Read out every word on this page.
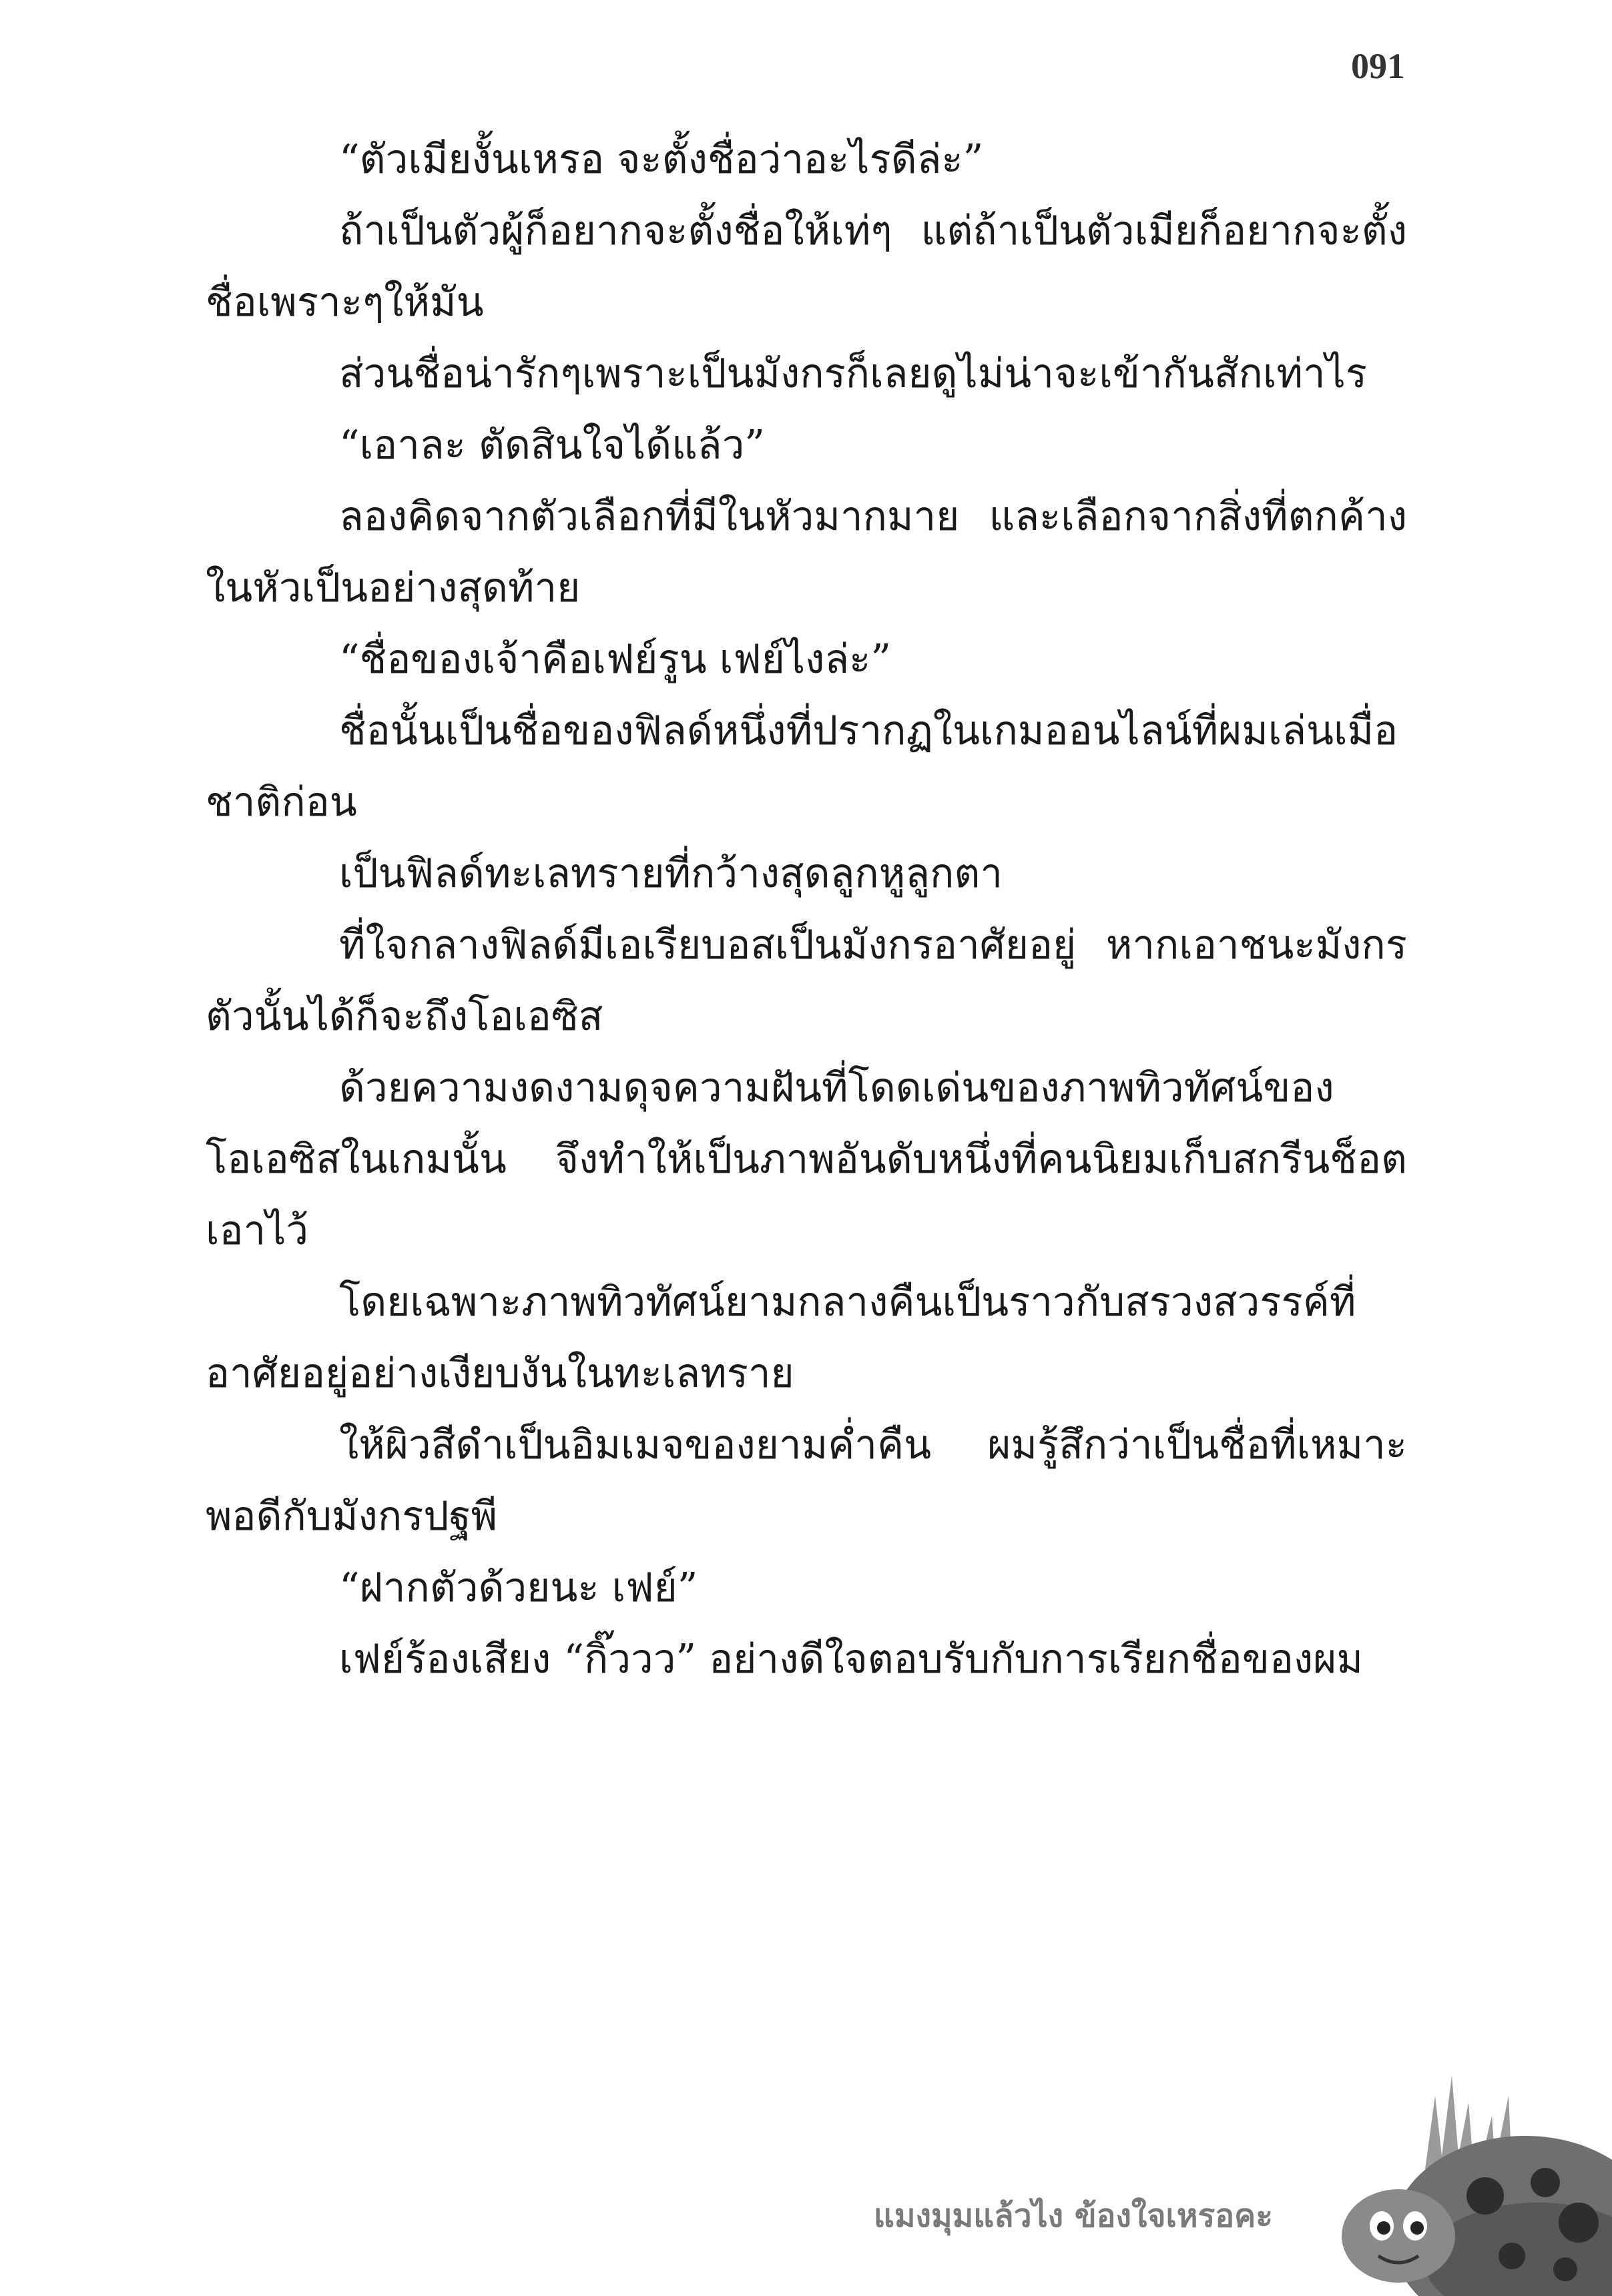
091

“ตัวเมียงั้นเหรอ จะตั้งชื่อว่าอะไรดีล่ะ”

ถ้าเป็นตัวผู้ก็อยากจะตั้งชื่อให้เท่ๆ แต่ถ้าเป็นตัวเมียก็อยากจะตั้งชื่อเพราะๆให้มัน

ส่วนชื่อน่ารักๆเพราะเป็นมังกรก็เลยดูไม่น่าจะเข้ากันสักเท่าไร

“เอาละ ตัดสินใจได้แล้ว”

ลองคิดจากตัวเลือกที่มีในหัวมากมาย และเลือกจากสิ่งที่ตกค้างในหัวเป็นอย่างสุดท้าย

“ชื่อของเจ้าคือเฟย์รูน เฟย์ไงล่ะ”

ชื่อนั้นเป็นชื่อของฟิลด์หนึ่งที่ปรากฏในเกมออนไลน์ที่ผมเล่นเมื่อชาติก่อน

เป็นฟิลด์ทะเลทรายที่กว้างสุดลูกหูลูกตา

ที่ใจกลางฟิลด์มีเอเรียบอสเป็นมังกรอาศัยอยู่ หากเอาชนะมังกรตัวนั้นได้ก็จะถึงโอเอซิส

ด้วยความงดงามดุจความฝันที่โดดเด่นของภาพทิวทัศน์ของโอเอซิสในเกมนั้น จึงทำให้เป็นภาพอันดับหนึ่งที่คนนิยมเก็บสกรีนช็อตเอาไว้

โดยเฉพาะภาพทิวทัศน์ยามกลางคืนเป็นราวกับสรวงสวรรค์ที่อาศัยอยู่อย่างเงียบงันในทะเลทราย

ให้ผิวสีดำเป็นอิมเมจของยามค่ำคืน ผมรู้สึกว่าเป็นชื่อที่เหมาะพอดีกับมังกรปฐพี

“ฝากตัวด้วยนะ เฟย์”

เฟย์ร้องเสียง “กิ๊ววว” อย่างดีใจตอบรับกับการเรียกชื่อของผม

แมงมุมแล้วไง ข้องใจเหรอคะ
